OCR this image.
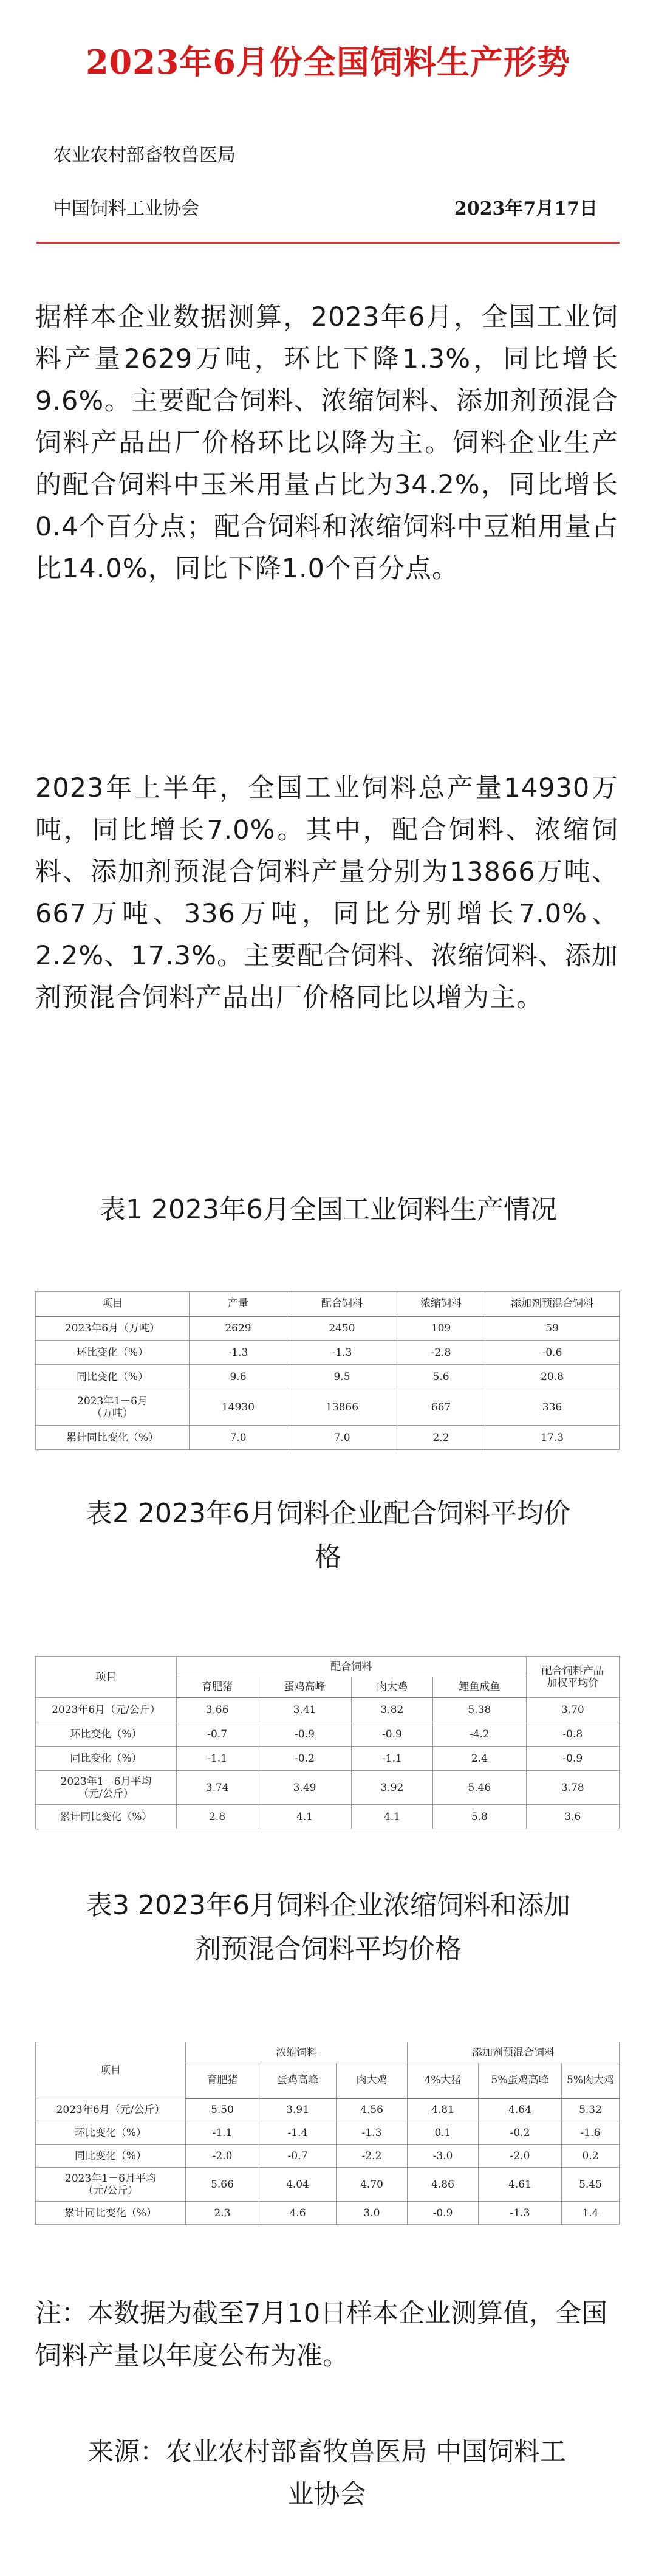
2023年6月份全国饲料生产形势
农业农村部畜牧兽医局
中国饲料工业协会	2023年7月17日
据样本企业数据测算，2023年6月，全国工业饲料产量2629万吨，环比下降1.3%，同比增长9.6%。主要配合饲料、浓缩饲料、添加剂预混合饲料产品出厂价格环比以降为主。饲料企业生产的配合饲料中玉米用量占比为34.2%，同比增长0.4个百分点；配合饲料和浓缩饲料中豆粕用量占比14.0%，同比下降1.0个百分点。
2023年上半年，全国工业饲料总产量14930万吨，同比增长7.0%。其中，配合饲料、浓缩饲料、添加剂预混合饲料产量分别为13866万吨、667万吨、336万吨，同比分别增长7.0%、2.2%、17.3%。主要配合饲料、浓缩饲料、添加剂预混合饲料产品出厂价格同比以增为主。
表1 2023年6月全国工业饲料生产情况
项目	产量	配合饲料	浓缩饲料	添加剂预混合饲料
2023年6月（万吨）	2629	2450	109	59
环比变化（%）	-1.3	-1.3	-2.8	-0.6
同比变化（%）	9.6	9.5	5.6	20.8

2023年1－6月
（万吨）	14930	13866	667	336
累计同比变化（%）	7.0	7.0	2.2	17.3
表2 2023年6月饲料企业配合饲料平均价
格
项目	配合饲料				配合饲料产品
加权平均价

	育肥猪	蛋鸡高峰	肉大鸡	鲤鱼成鱼	
2023年6月（元/公斤）	3.66	3.41	3.82	5.38	3.70
环比变化（%）	-0.7	-0.9	-0.9	-4.2	-0.8
同比变化（%）	-1.1	-0.2	-1.1	2.4	-0.9

2023年1－6月平均
（元/公斤）	3.74	3.49	3.92	5.46	3.78
累计同比变化（%）	2.8	4.1	4.1	5.8	3.6
表3 2023年6月饲料企业浓缩饲料和添加
剂预混合饲料平均价格
项目	浓缩饲料			添加剂预混合饲料		
	育肥猪	蛋鸡高峰	肉大鸡	4%大猪	5%蛋鸡高峰	5%肉大鸡
2023年6月（元/公斤）	5.50	3.91	4.56	4.81	4.64	5.32
环比变化（%）	-1.1	-1.4	-1.3	0.1	-0.2	-1.6
同比变化（%）	-2.0	-0.7	-2.2	-3.0	-2.0	0.2

2023年1－6月平均
（元/公斤）	5.66	4.04	4.70	4.86	4.61	5.45
累计同比变化（%）	2.3	4.6	3.0	-0.9	-1.3	1.4
注：本数据为截至7月10日样本企业测算值，全国饲料产量以年度公布为准。
来源：农业农村部畜牧兽医局 中国饲料工
业协会
